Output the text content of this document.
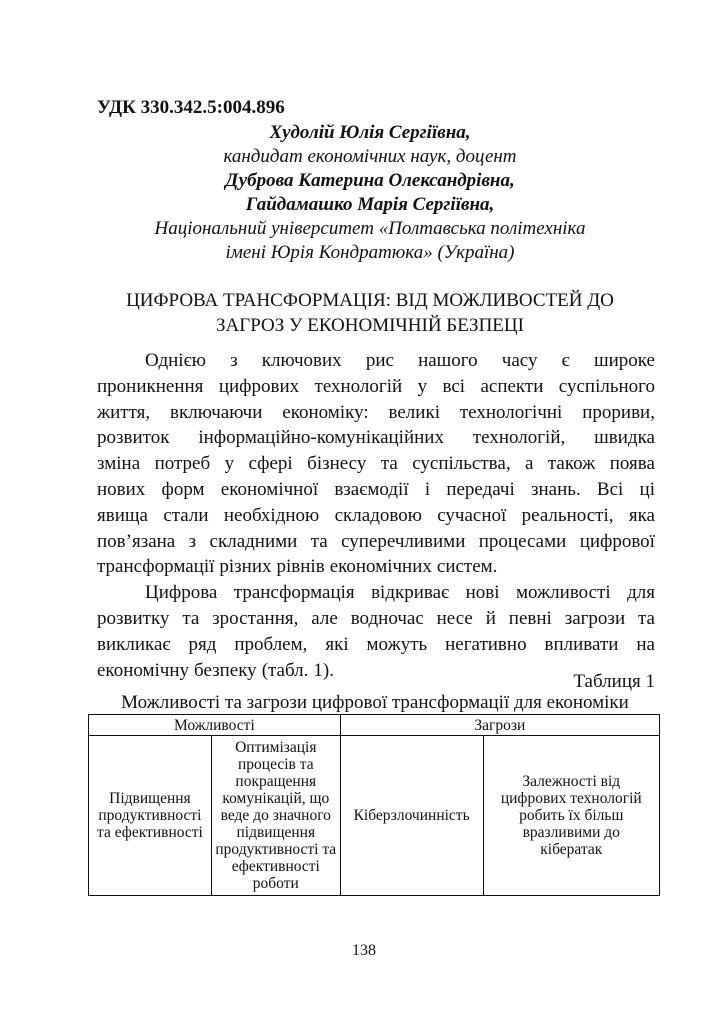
УДК 330.342.5:004.896
Худолій Юлія Сергіївна,
кандидат економічних наук, доцент
Дуброва Катерина Олександрівна,
Гайдамашко Марія Сергіївна,
Національний університет «Полтавська політехніка
імені Юрія Кондратюка» (Україна)
ЦИФРОВА ТРАНСФОРМАЦІЯ: ВІД МОЖЛИВОСТЕЙ ДО
ЗАГРОЗ У ЕКОНОМІЧНІЙ БЕЗПЕЦІ
Однією з ключових рис нашого часу є широке
проникнення цифрових технологій у всі аспекти суспільного
життя, включаючи економіку: великі технологічні прориви,
розвиток інформаційно-комунікаційних технологій, швидка
зміна потреб у сфері бізнесу та суспільства, а також поява
нових форм економічної взаємодії і передачі знань. Всі ці
явища стали необхідною складовою сучасної реальності, яка
пов’язана з складними та суперечливими процесами цифрової
трансформації різних рівнів економічних систем.
Цифрова трансформація відкриває нові можливості для
розвитку та зростання, але водночас несе й певні загрози та
викликає ряд проблем, які можуть негативно впливати на
економічну безпеку (табл. 1).
Таблиця 1
Можливості та загрози цифрової трансформації для економіки
Можливості		Загрози	
Підвищення продуктивності та ефективності	Оптимізація процесів та покращення комунікацій, що веде до значного підвищення продуктивності та ефективності роботи	Кіберзлочинність	Залежності від цифрових технологій робить їх більш вразливими до кібератак
138
